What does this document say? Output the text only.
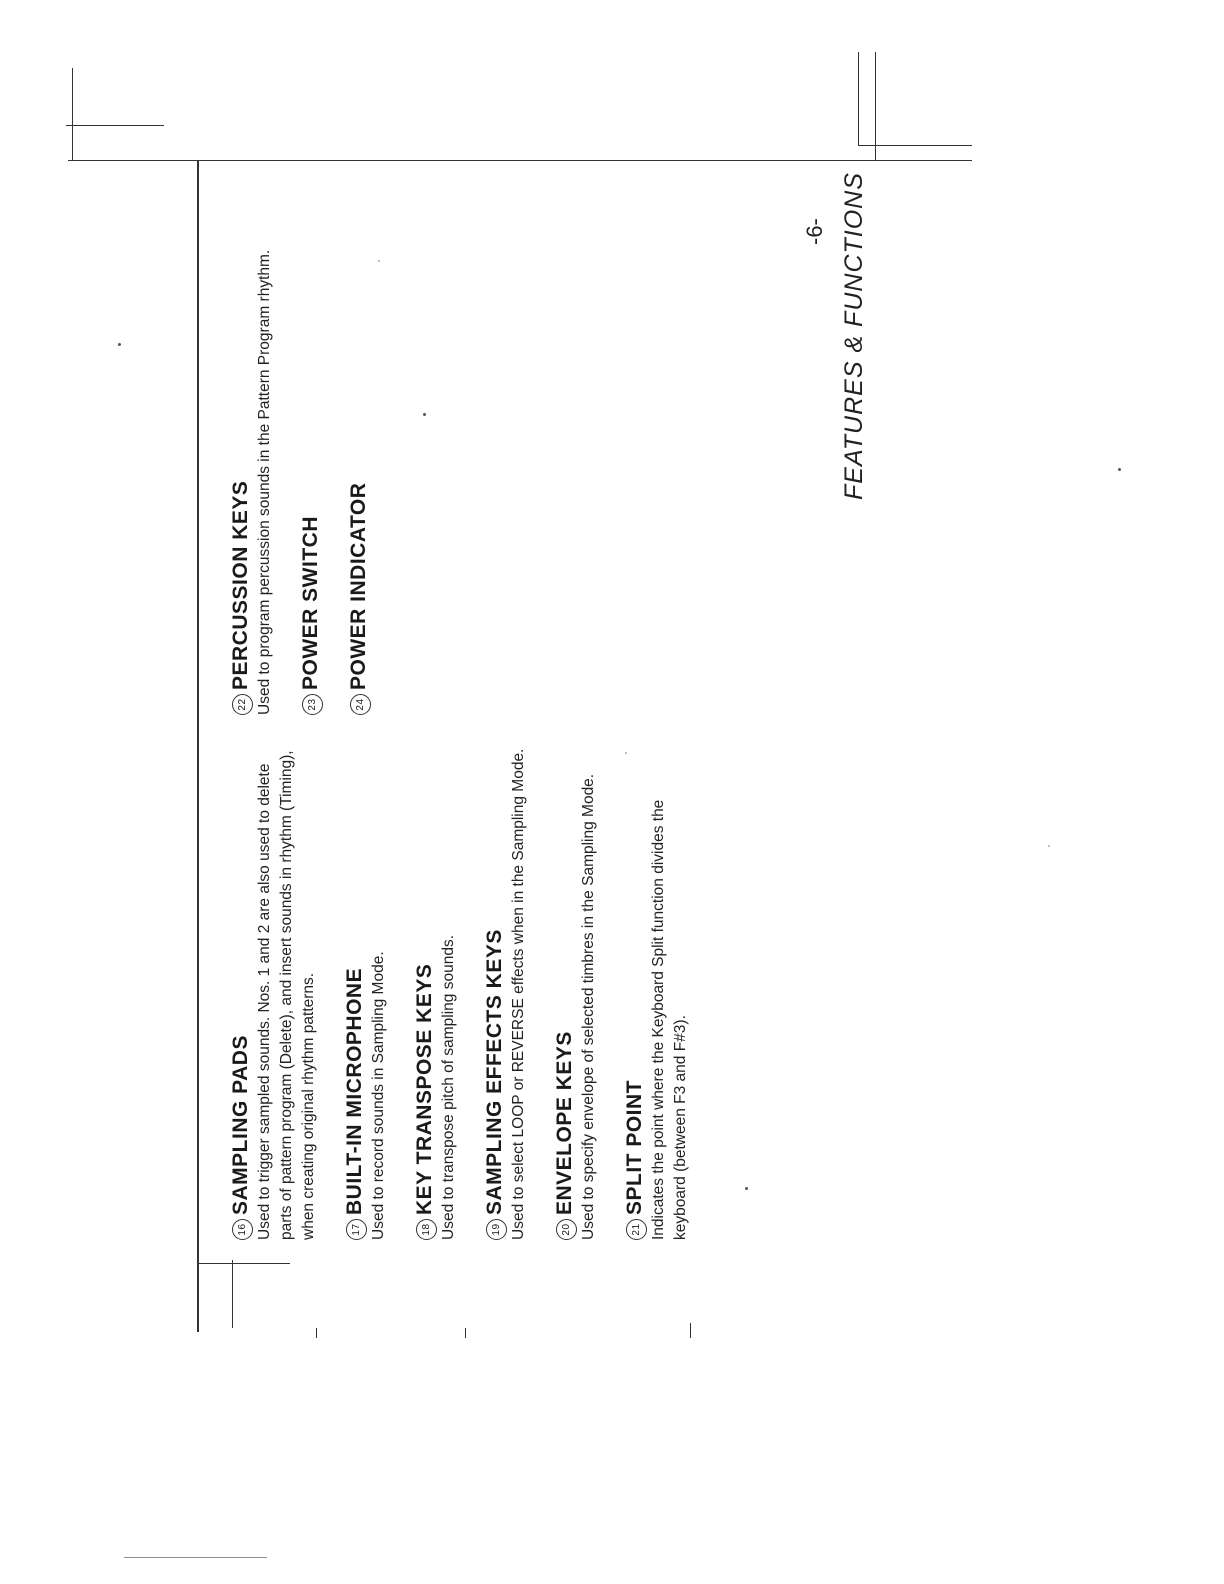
FEATURES & FUNCTIONS
-6-
16SAMPLING PADS Used to trigger sampled sounds. Nos. 1 and 2 are also used to delete parts of pattern program (Delete), and insert sounds in rhythm (Timing), when creating original rhythm patterns.	17BUILT-IN MICROPHONE Used to record sounds in Sampling Mode.	18KEY TRANSPOSE KEYS Used to transpose pitch of sampling sounds.	19SAMPLING EFFECTS KEYS Used to select LOOP or REVERSE effects when in the Sampling Mode.	20ENVELOPE KEYS Used to specify envelope of selected timbres in the Sampling Mode.	21SPLIT POINT Indicates the point where the Keyboard Split function divides the keyboard (between F3 and F#3).

22PERCUSSION KEYS Used to program percussion sounds in the Pattern Program rhythm.	23POWER SWITCH
24POWER INDICATOR
